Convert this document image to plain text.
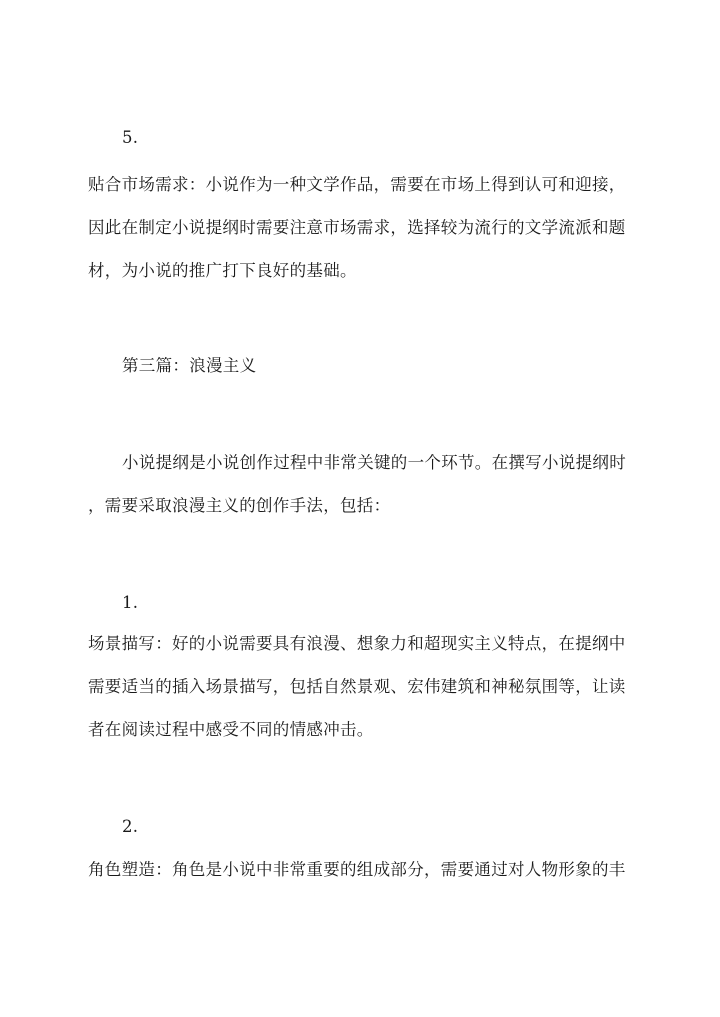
5.
贴合市场需求：小说作为一种文学作品，需要在市场上得到认可和迎接，
因此在制定小说提纲时需要注意市场需求，选择较为流行的文学流派和题
材，为小说的推广打下良好的基础。
第三篇：浪漫主义
小说提纲是小说创作过程中非常关键的一个环节。在撰写小说提纲时
，需要采取浪漫主义的创作手法，包括：
1.
场景描写：好的小说需要具有浪漫、想象力和超现实主义特点，在提纲中
需要适当的插入场景描写，包括自然景观、宏伟建筑和神秘氛围等，让读
者在阅读过程中感受不同的情感冲击。
2.
角色塑造：角色是小说中非常重要的组成部分，需要通过对人物形象的丰
